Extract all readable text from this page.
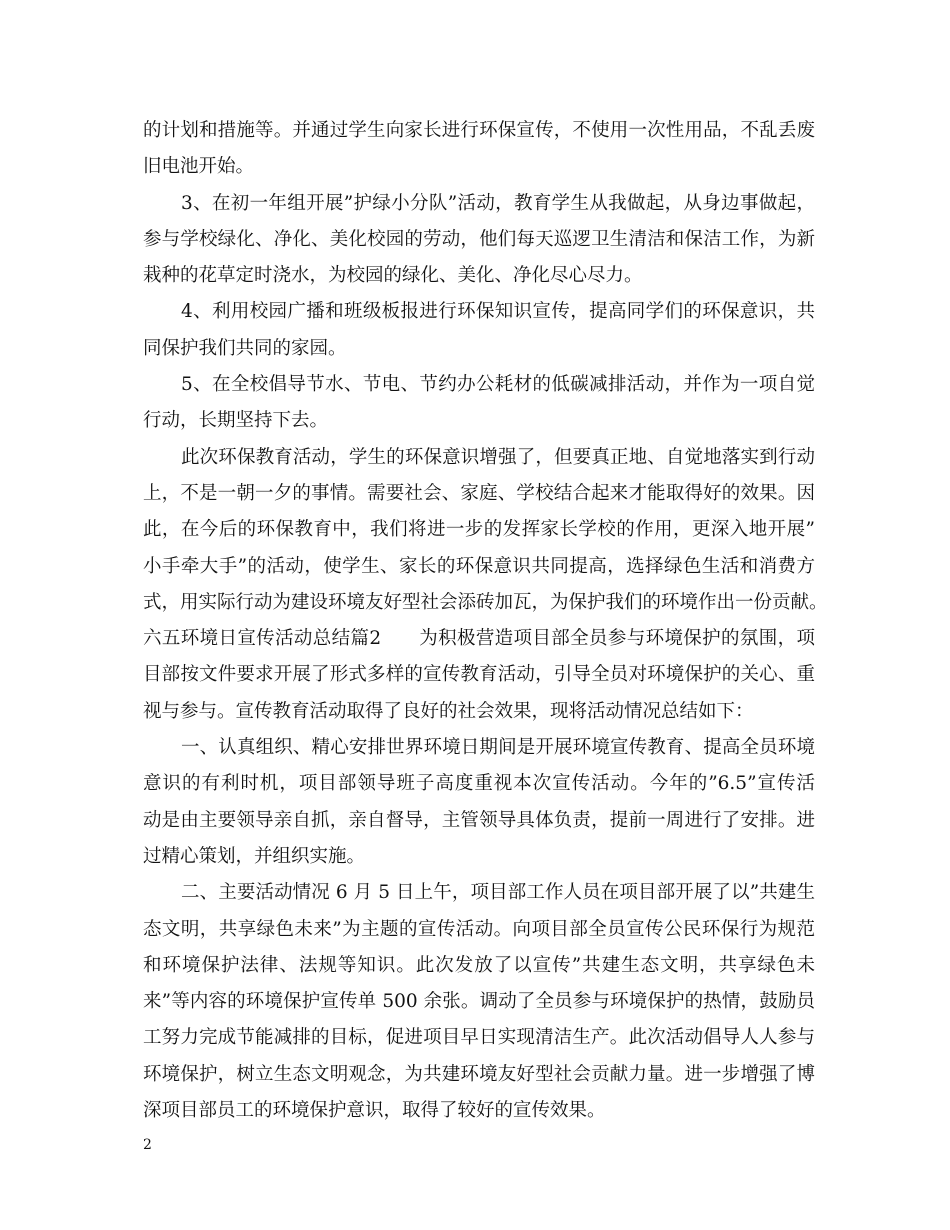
的计划和措施等。并通过学生向家长进行环保宣传，不使用一次性用品，不乱丢废
旧电池开始。
3、在初一年组开展”护绿小分队”活动，教育学生从我做起，从身边事做起，
参与学校绿化、净化、美化校园的劳动，他们每天巡逻卫生清洁和保洁工作，为新
栽种的花草定时浇水，为校园的绿化、美化、净化尽心尽力。
4、利用校园广播和班级板报进行环保知识宣传，提高同学们的环保意识，共
同保护我们共同的家园。
5、在全校倡导节水、节电、节约办公耗材的低碳减排活动，并作为一项自觉
行动，长期坚持下去。
此次环保教育活动，学生的环保意识增强了，但要真正地、自觉地落实到行动
上，不是一朝一夕的事情。需要社会、家庭、学校结合起来才能取得好的效果。因
此，在今后的环保教育中，我们将进一步的发挥家长学校的作用，更深入地开展”
小手牵大手”的活动，使学生、家长的环保意识共同提高，选择绿色生活和消费方
式，用实际行动为建设环境友好型社会添砖加瓦，为保护我们的环境作出一份贡献。
六五环境日宣传活动总结篇2　　为积极营造项目部全员参与环境保护的氛围，项
目部按文件要求开展了形式多样的宣传教育活动，引导全员对环境保护的关心、重
视与参与。宣传教育活动取得了良好的社会效果，现将活动情况总结如下：
一、认真组织、精心安排世界环境日期间是开展环境宣传教育、提高全员环境
意识的有利时机，项目部领导班子高度重视本次宣传活动。今年的”6.5”宣传活
动是由主要领导亲自抓，亲自督导，主管领导具体负责，提前一周进行了安排。进
过精心策划，并组织实施。
二、主要活动情况 6 月 5 日上午，项目部工作人员在项目部开展了以”共建生
态文明，共享绿色未来”为主题的宣传活动。向项目部全员宣传公民环保行为规范
和环境保护法律、法规等知识。此次发放了以宣传”共建生态文明，共享绿色未
来”等内容的环境保护宣传单 500 余张。调动了全员参与环境保护的热情，鼓励员
工努力完成节能减排的目标，促进项目早日实现清洁生产。此次活动倡导人人参与
环境保护，树立生态文明观念，为共建环境友好型社会贡献力量。进一步增强了博
深项目部员工的环境保护意识，取得了较好的宣传效果。
2
